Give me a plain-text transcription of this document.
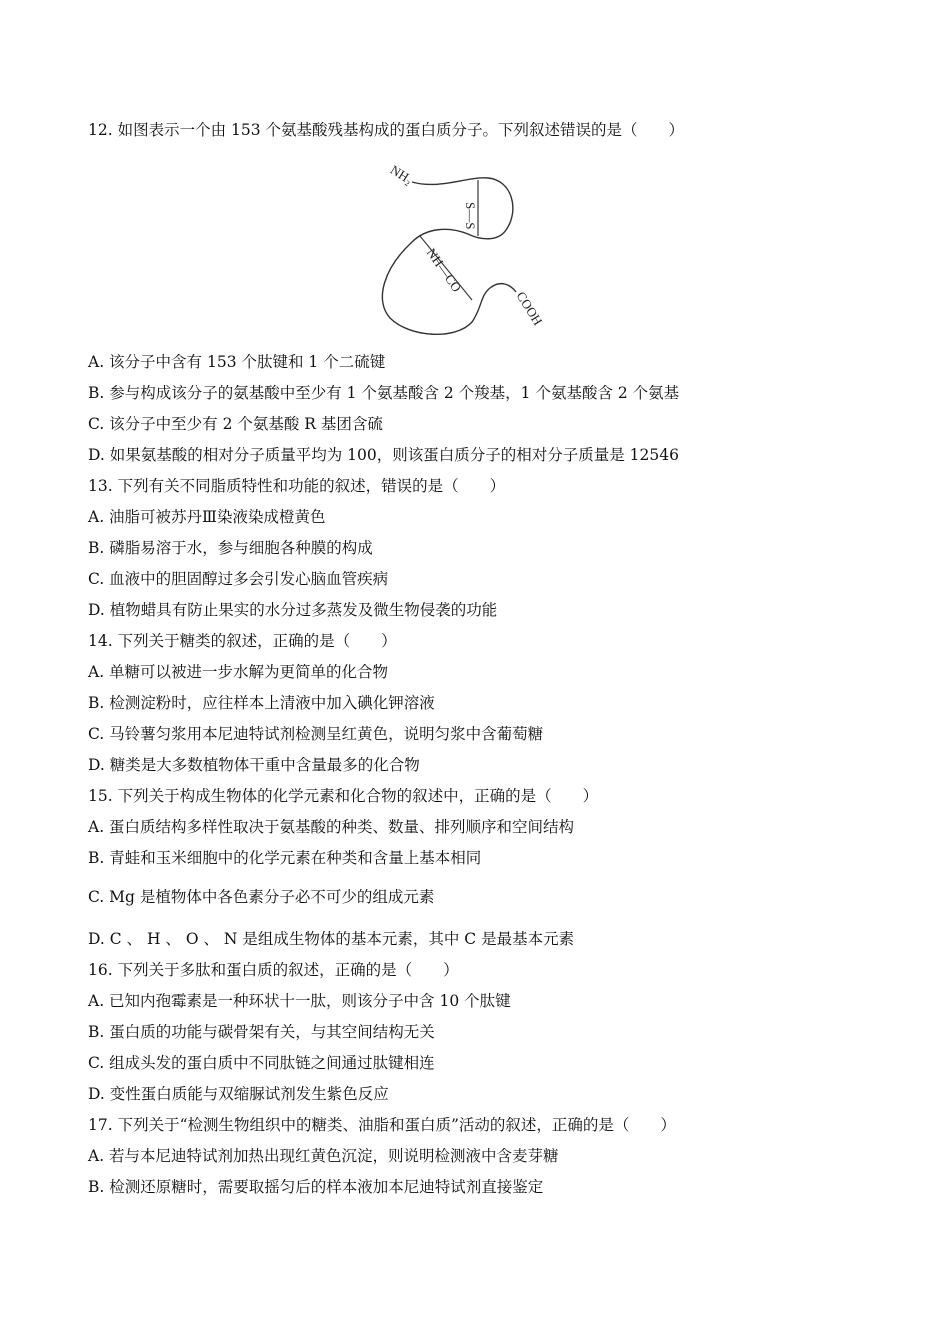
12. 如图表示一个由 153 个氨基酸残基构成的蛋白质分子。下列叙述错误的是（　　）
NH₂
S—S
NH—CO
COOH
A. 该分子中含有 153 个肽键和 1 个二硫键
B. 参与构成该分子的氨基酸中至少有 1 个氨基酸含 2 个羧基，1 个氨基酸含 2 个氨基
C. 该分子中至少有 2 个氨基酸 R 基团含硫
D. 如果氨基酸的相对分子质量平均为 100，则该蛋白质分子的相对分子质量是 12546
13. 下列有关不同脂质特性和功能的叙述，错误的是（　　）
A. 油脂可被苏丹Ⅲ染液染成橙黄色
B. 磷脂易溶于水，参与细胞各种膜的构成
C. 血液中的胆固醇过多会引发心脑血管疾病
D. 植物蜡具有防止果实的水分过多蒸发及微生物侵袭的功能
14. 下列关于糖类的叙述，正确的是（　　）
A. 单糖可以被进一步水解为更简单的化合物
B. 检测淀粉时，应往样本上清液中加入碘化钾溶液
C. 马铃薯匀浆用本尼迪特试剂检测呈红黄色，说明匀浆中含葡萄糖
D. 糖类是大多数植物体干重中含量最多的化合物
15. 下列关于构成生物体的化学元素和化合物的叙述中，正确的是（　　）
A. 蛋白质结构多样性取决于氨基酸的种类、数量、排列顺序和空间结构
B. 青蛙和玉米细胞中的化学元素在种类和含量上基本相同
C. Mg 是植物体中各色素分子必不可少的组成元素
D. C 、 H 、 O 、 N 是组成生物体的基本元素，其中 C 是最基本元素
16. 下列关于多肽和蛋白质的叙述，正确的是（　　）
A. 已知内孢霉素是一种环状十一肽，则该分子中含 10 个肽键
B. 蛋白质的功能与碳骨架有关，与其空间结构无关
C. 组成头发的蛋白质中不同肽链之间通过肽键相连
D. 变性蛋白质能与双缩脲试剂发生紫色反应
17. 下列关于“检测生物组织中的糖类、油脂和蛋白质”活动的叙述，正确的是（　　）
A. 若与本尼迪特试剂加热出现红黄色沉淀，则说明检测液中含麦芽糖
B. 检测还原糖时，需要取摇匀后的样本液加本尼迪特试剂直接鉴定
